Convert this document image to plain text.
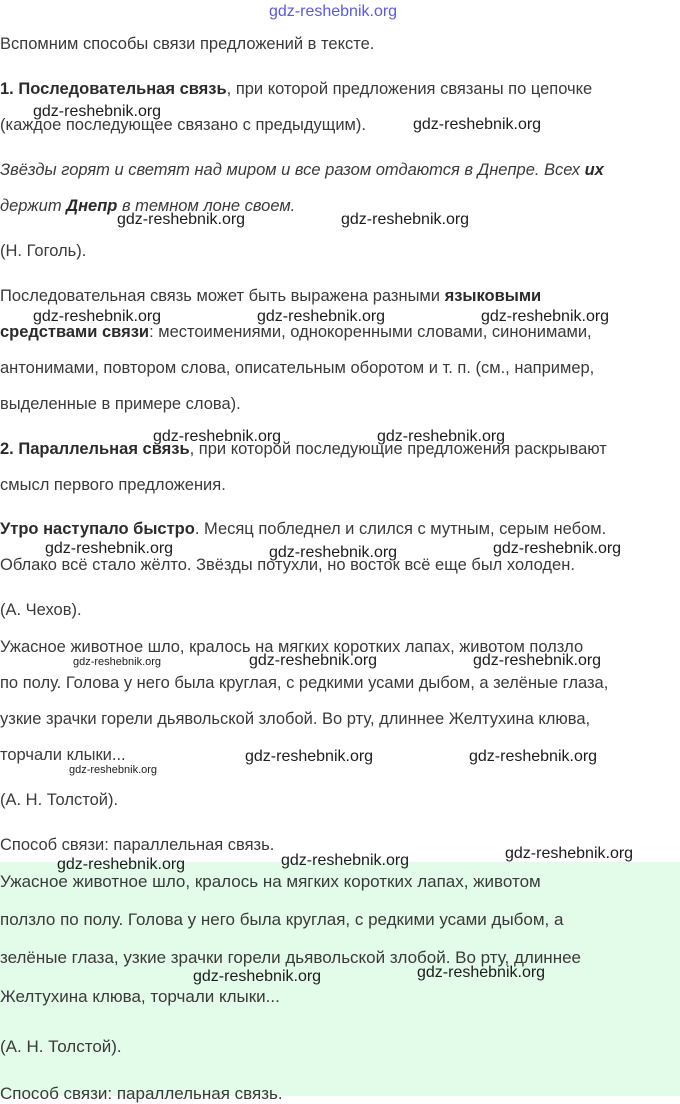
Вспомним способы связи предложений в тексте.
1. Последовательная связь, при которой предложения связаны по цепочке
(каждое последующее связано с предыдущим).
Звёзды горят и светят над миром и все разом отдаются в Днепре. Всех их
держит Днепр в темном лоне своем.
(Н. Гоголь).
Последовательная связь может быть выражена разными языковыми
средствами связи: местоимениями, однокоренными словами, синонимами,
антонимами, повтором слова, описательным оборотом и т. п. (см., например,
выделенные в примере слова).
2. Параллельная связь, при которой последующие предложения раскрывают
смысл первого предложения.
Утро наступало быстро. Месяц побледнел и слился с мутным, серым небом.
Облако всё стало жёлто. Звёзды потухли, но восток всё еще был холоден.
(А. Чехов).
Ужасное животное шло, кралось на мягких коротких лапах, животом ползло
по полу. Голова у него была круглая, с редкими усами дыбом, а зелёные глаза,
узкие зрачки горели дьявольской злобой. Во рту, длиннее Желтухина клюва,
торчали клыки...
(А. Н. Толстой).
Способ связи: параллельная связь.
Ужасное животное шло, кралось на мягких коротких лапах, животом
ползло по полу. Голова у него была круглая, с редкими усами дыбом, а
зелёные глаза, узкие зрачки горели дьявольской злобой. Во рту, длиннее
Желтухина клюва, торчали клыки...
(А. Н. Толстой).
Способ связи: параллельная связь.
gdz-reshebnik.org
gdz-reshebnik.org
gdz-reshebnik.org
gdz-reshebnik.org	gdz-reshebnik.org
gdz-reshebnik.org	gdz-reshebnik.org	gdz-reshebnik.org
gdz-reshebnik.org	gdz-reshebnik.org
gdz-reshebnik.org	gdz-reshebnik.org	gdz-reshebnik.org
gdz-reshebnik.org	gdz-reshebnik.org	gdz-reshebnik.org
gdz-reshebnik.org	gdz-reshebnik.org
gdz-reshebnik.org
gdz-reshebnik.org
gdz-reshebnik.org
gdz-reshebnik.org
gdz-reshebnik.org
gdz-reshebnik.org
